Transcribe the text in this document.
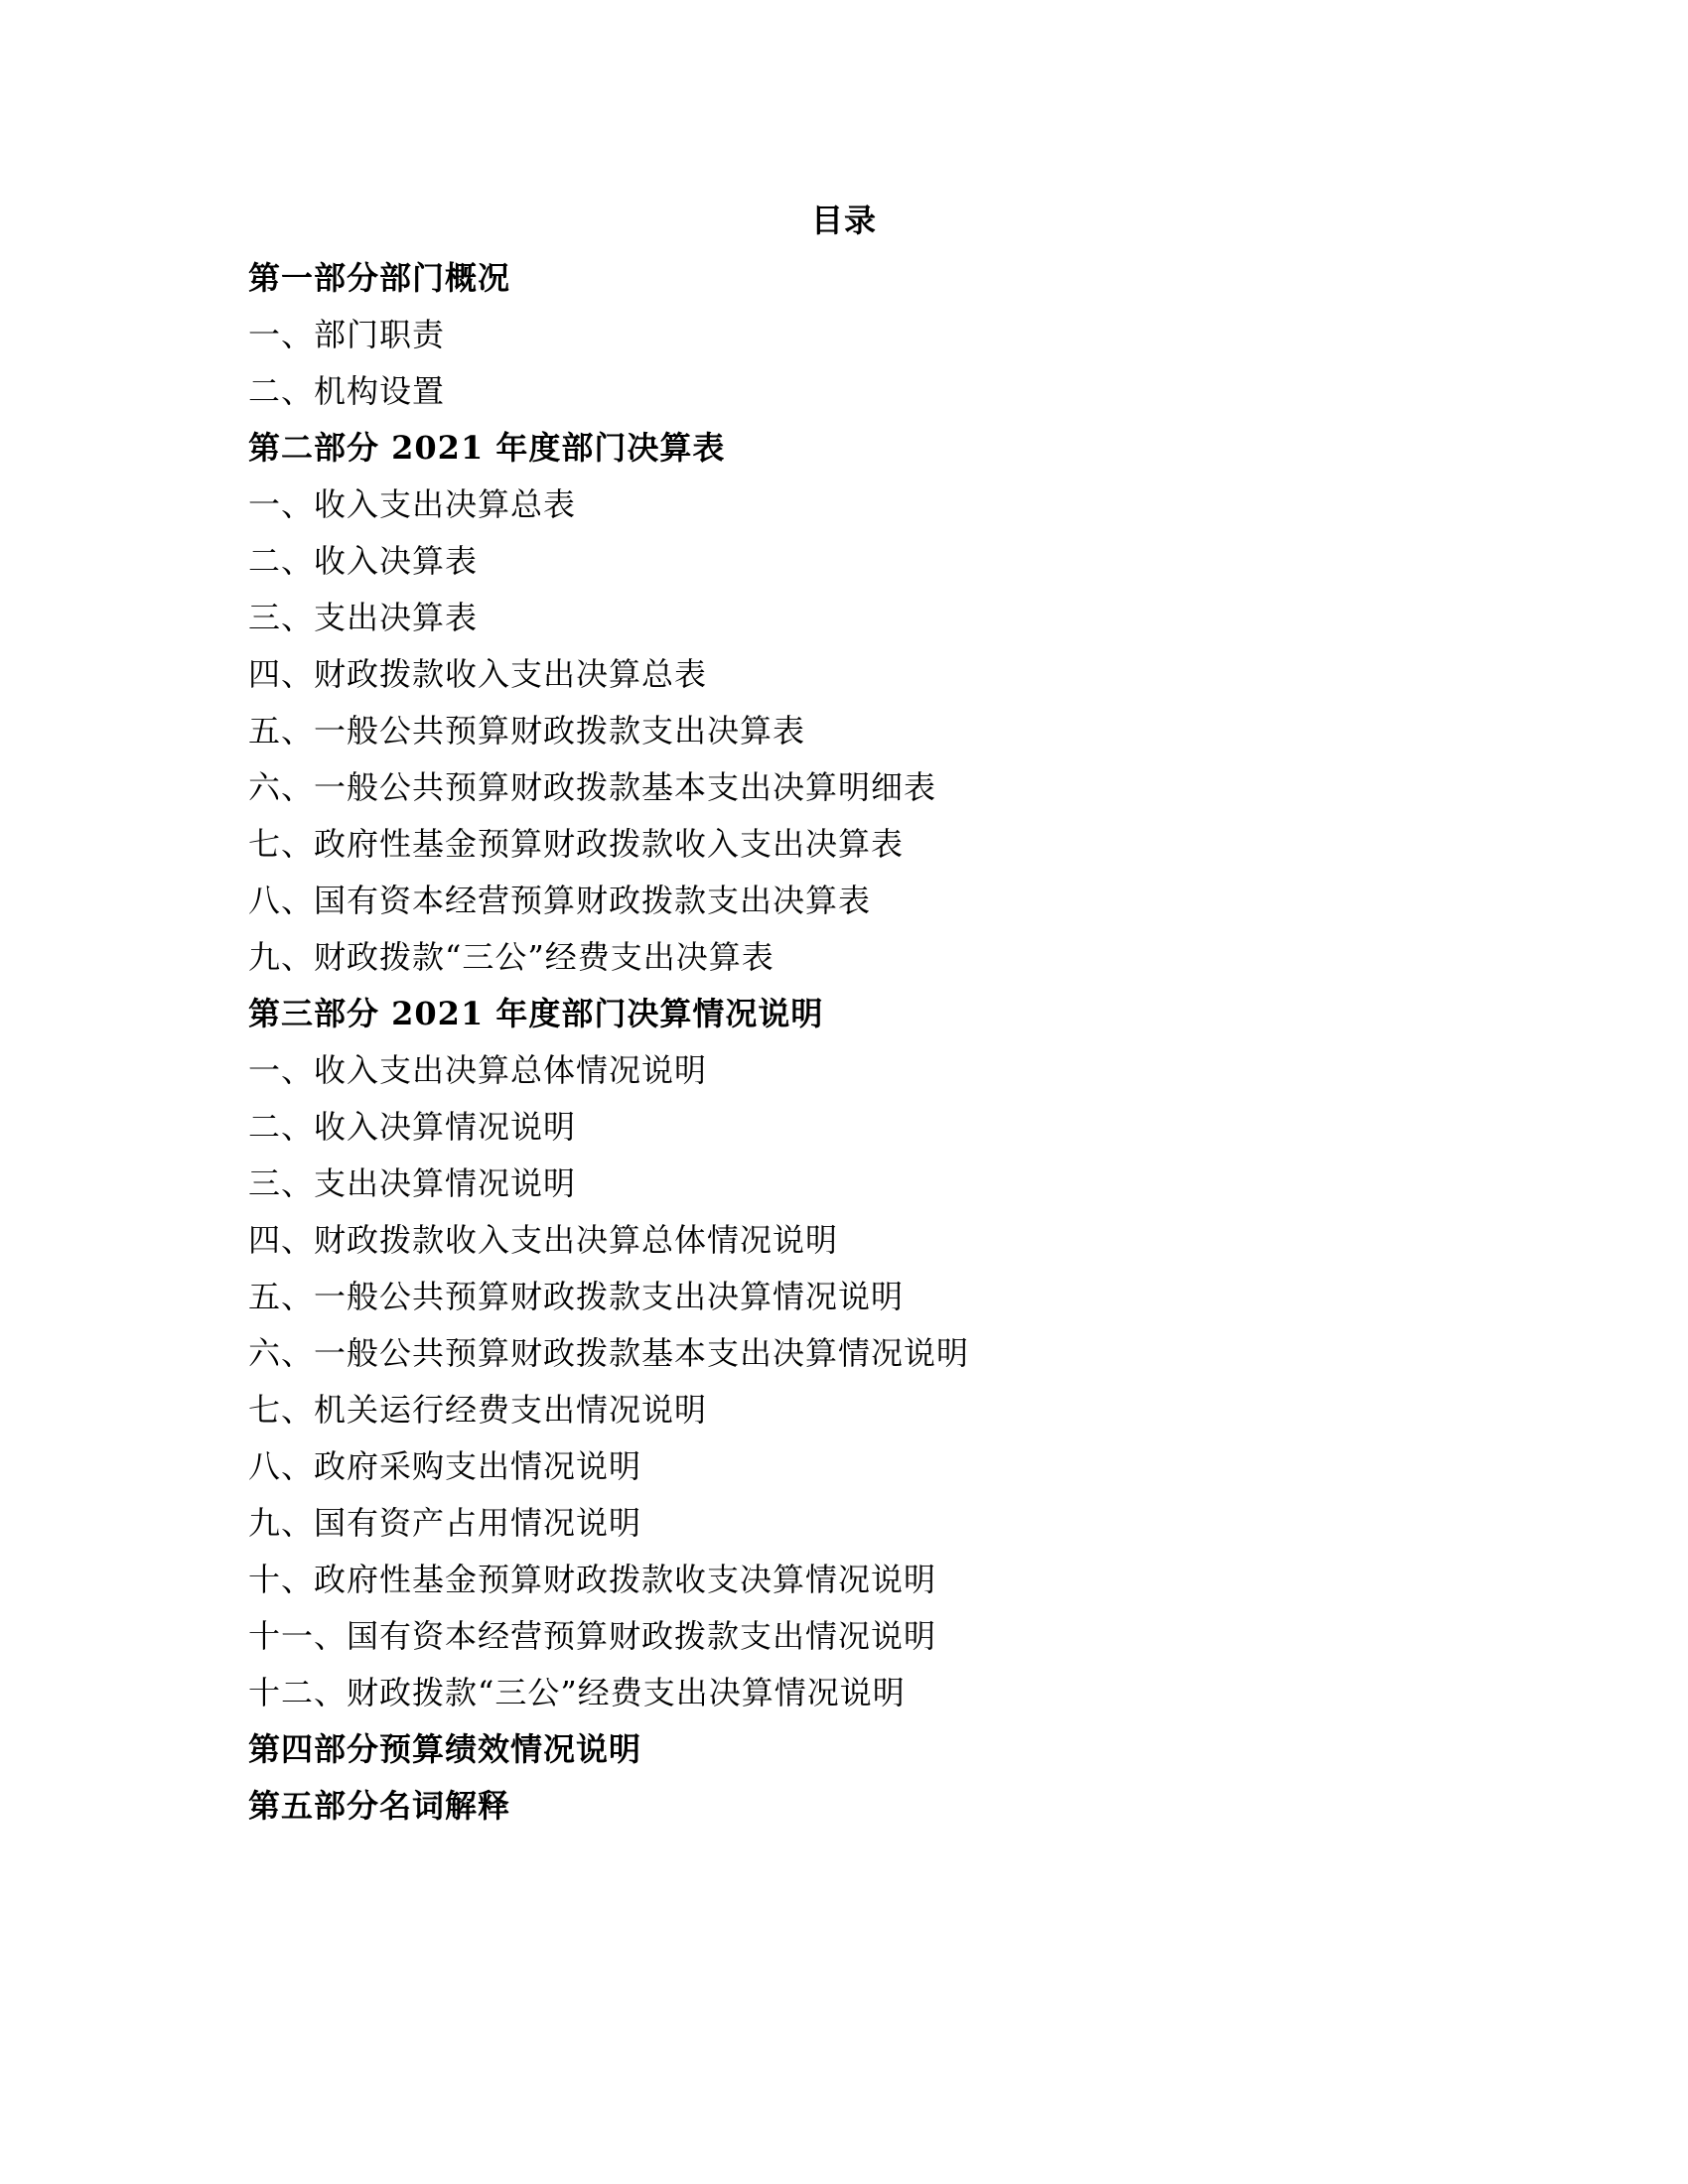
目录
第一部分部门概况
一、部门职责
二、机构设置
第二部分 2021 年度部门决算表
一、收入支出决算总表
二、收入决算表
三、支出决算表
四、财政拨款收入支出决算总表
五、一般公共预算财政拨款支出决算表
六、一般公共预算财政拨款基本支出决算明细表
七、政府性基金预算财政拨款收入支出决算表
八、国有资本经营预算财政拨款支出决算表
九、财政拨款“三公”经费支出决算表
第三部分 2021 年度部门决算情况说明
一、收入支出决算总体情况说明
二、收入决算情况说明
三、支出决算情况说明
四、财政拨款收入支出决算总体情况说明
五、一般公共预算财政拨款支出决算情况说明
六、一般公共预算财政拨款基本支出决算情况说明
七、机关运行经费支出情况说明
八、政府采购支出情况说明
九、国有资产占用情况说明
十、政府性基金预算财政拨款收支决算情况说明
十一、国有资本经营预算财政拨款支出情况说明
十二、财政拨款“三公”经费支出决算情况说明
第四部分预算绩效情况说明
第五部分名词解释
